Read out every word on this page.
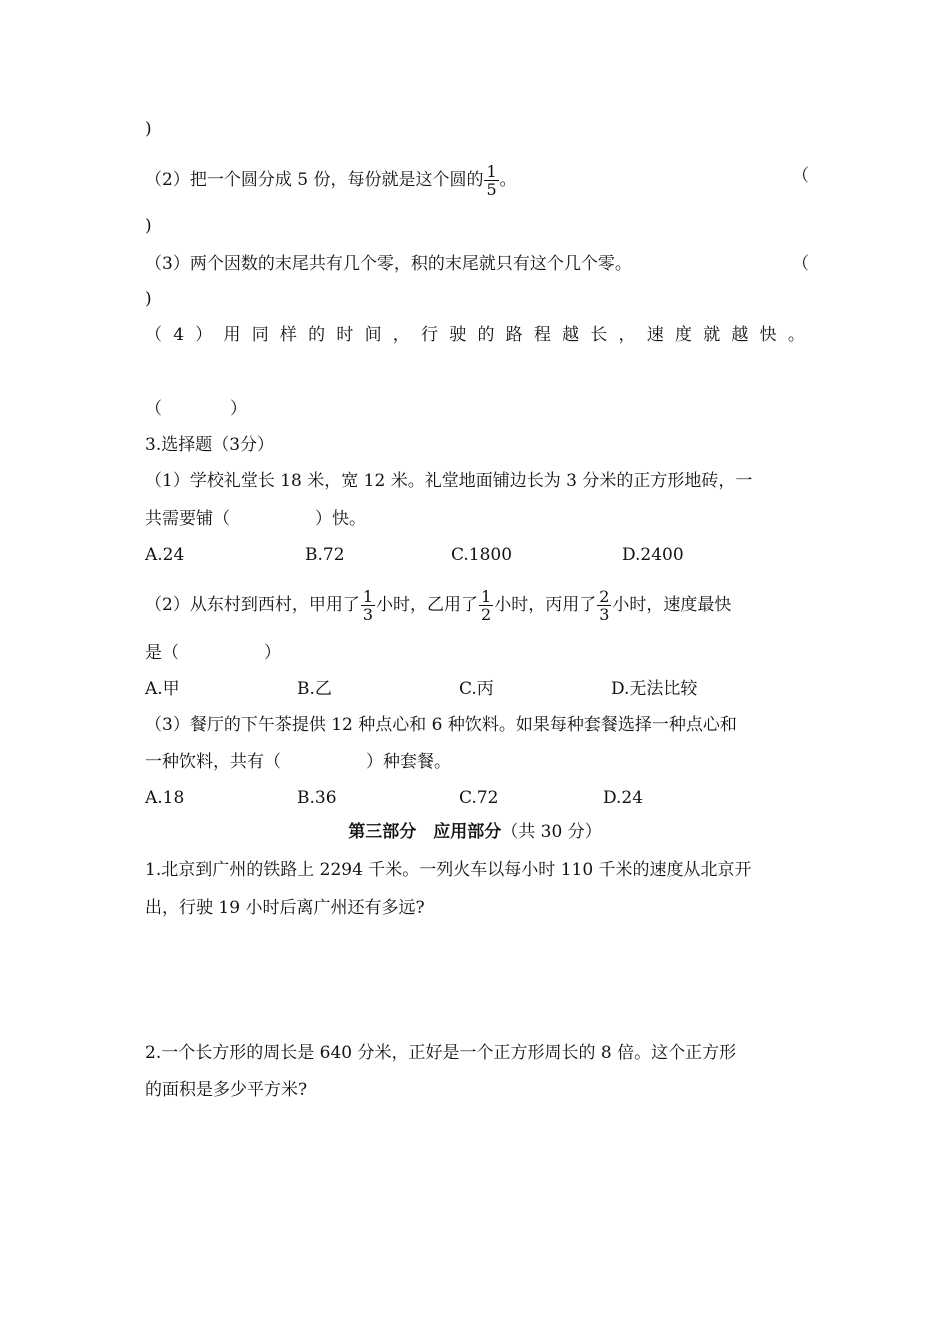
)
（2）把一个圆分成 5 份，每份就是这个圆的 $\frac{1}{5}$ 。	（
)
（3）两个因数的末尾共有几个零，积的末尾就只有这个几个零。	（
)
（ 4 ） 用 同 样 的 时 间 ， 行 驶 的 路 程 越 长 ， 速 度 就 越 快 。
（　　　　）
3.选择题（3分）
（1）学校礼堂长 18 米，宽 12 米。礼堂地面铺边长为 3 分米的正方形地砖，一
共需要铺（　　　　　）快。
A.24	B.72	C.1800	D.2400
（2）从东村到西村，甲用了 $\frac{1}{3}$ 小时，乙用了 $\frac{1}{2}$ 小时，丙用了 $\frac{2}{3}$ 小时，速度最快
是（　　　　　）
A.甲	B.乙	C.丙	D.无法比较
（3）餐厅的下午茶提供 12 种点心和 6 种饮料。如果每种套餐选择一种点心和
一种饮料，共有（　　　　　）种套餐。
A.18	B.36	C.72	D.24
第三部分　应用部分（共 30 分）
1.北京到广州的铁路上 2294 千米。一列火车以每小时 110 千米的速度从北京开
出，行驶 19 小时后离广州还有多远?
2.一个长方形的周长是 640 分米，正好是一个正方形周长的 8 倍。这个正方形
的面积是多少平方米?
